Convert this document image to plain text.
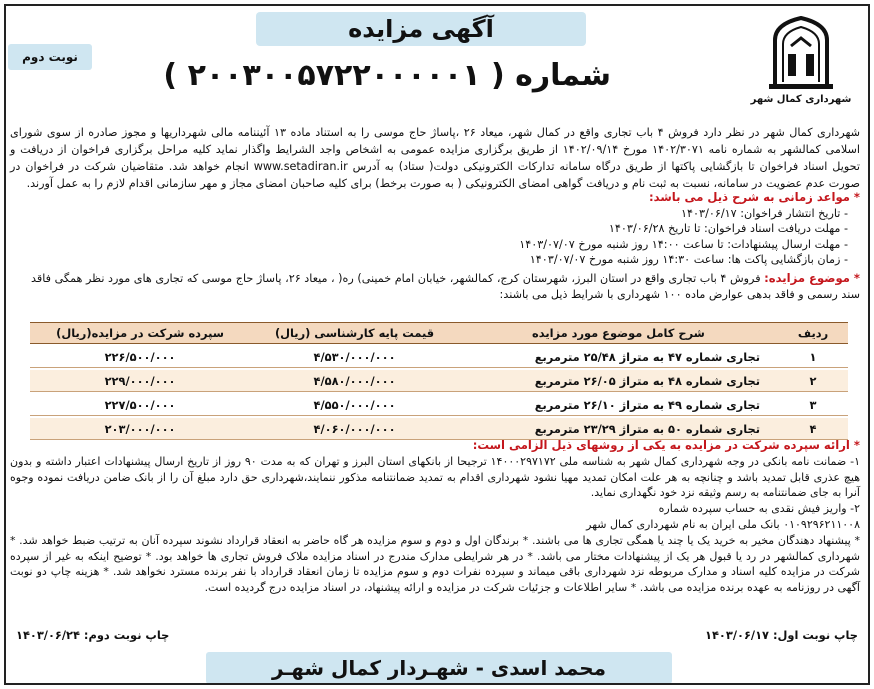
آگهی مزایده
شماره ( ۲۰۰۳۰۰۵۷۲۲۰۰۰۰۰۱ )
نوبت دوم
شهرداری کمال شهر
شهرداری کمال شهر در نظر دارد فروش ۴ باب تجاری واقع در کمال شهر، میعاد ۲۶ ،پاساژ حاج موسی را به استناد ماده ۱۳ آئیننامه مالی شهرداریها و مجوز صادره از سوی شورای اسلامی کمالشهر به شماره نامه ۱۴۰۲/۳۰۷۱ مورخ ۱۴۰۲/۰۹/۱۴ از طریق برگزاری مزایده عمومی به اشخاص واجد الشرایط واگذار نماید کلیه مراحل برگزاری فراخوان از دریافت و تحویل اسناد فراخوان تا بازگشایی پاکتها از طریق درگاه سامانه تدارکات الکترونیکی دولت( ستاد) به آدرس www.setadiran.ir انجام خواهد شد. متقاضیان شرکت در فراخوان در صورت عدم عضویت در سامانه، نسبت به ثبت نام و دریافت گواهی امضای الکترونیکی ( به صورت برخط) برای کلیه صاحبان امضای مجاز و مهر سازمانی اقدام لازم را به عمل آورند.
* مواعد زمانی به شرح ذیل می باشد:
- تاریخ انتشار فراخوان: ۱۴۰۳/۰۶/۱۷
- مهلت دریافت اسناد فراخوان: تا تاریخ ۱۴۰۳/۰۶/۲۸
- مهلت ارسال پیشنهادات: تا ساعت ۱۴:۰۰ روز شنبه مورخ ۱۴۰۳/۰۷/۰۷
- زمان بازگشایی پاکت ها: ساعت ۱۴:۳۰ روز شنبه مورخ ۱۴۰۳/۰۷/۰۷
* موضوع مزایده: فروش ۴ باب تجاری واقع در استان البرز، شهرستان کرج، کمالشهر، خیابان امام خمینی) ره( ، میعاد ۲۶، پاساژ حاج موسی که تجاری های مورد نظر همگی فاقد سند رسمی و فاقد بدهی عوارض ماده ۱۰۰ شهرداری با شرایط ذیل می باشند:
ردیف	شرح کامل موضوع مورد مزایده	قیمت پایه کارشناسی (ریال)	سپرده شرکت در مزایده(ریال)
۱	تجاری شماره ۴۷ به متراژ ۲۵/۴۸ مترمربع	۴/۵۳۰/۰۰۰/۰۰۰	۲۲۶/۵۰۰/۰۰۰
۲	تجاری شماره ۴۸ به متراژ ۲۶/۰۵ مترمربع	۴/۵۸۰/۰۰۰/۰۰۰	۲۲۹/۰۰۰/۰۰۰
۳	تجاری شماره ۴۹ به متراژ ۲۶/۱۰ مترمربع	۴/۵۵۰/۰۰۰/۰۰۰	۲۲۷/۵۰۰/۰۰۰
۴	تجاری شماره ۵۰ به متراژ ۲۳/۲۹ مترمربع	۴/۰۶۰/۰۰۰/۰۰۰	۲۰۳/۰۰۰/۰۰۰
* ارائه سپرده شرکت در مزایده به یکی از روشهای ذیل الزامی است:
۱- ضمانت نامه بانکی در وجه شهرداری کمال شهر به شناسه ملی ۱۴۰۰۰۲۹۷۱۷۲ ترجیحا از بانکهای استان البرز و تهران که به مدت ۹۰ روز از تاریخ ارسال پیشنهادات اعتبار داشته و بدون هیچ عذری قابل تمدید باشد و چنانچه به هر علت امکان تمدید مهیا نشود شهرداری اقدام به تمدید ضمانتنامه مذکور ننمایند،شهرداری حق دارد مبلغ آن را از بانک ضامن دریافت نموده وجوه آنرا به جای ضمانتنامه به رسم وثیقه نزد خود نگهداری نماید.
۲- واریز فیش نقدی به حساب سپرده شماره
۰۱۰۹۲۹۶۲۱۱۰۰۸ بانک ملی ایران به نام شهرداری کمال شهر
* پیشنهاد دهندگان مخیر به خرید یک یا چند یا همگی تجاری ها می باشند. * برندگان اول و دوم و سوم مزایده هر گاه حاضر به انعقاد قرارداد نشوند سپرده آنان به ترتیب ضبط خواهد شد. * شهرداری کمالشهر در رد یا قبول هر یک از پیشنهادات مختار می باشد. * در هر شرایطی مدارک مندرج در اسناد مزایده ملاک فروش تجاری ها خواهد بود. * توضیح اینکه به غیر از سپرده شرکت در مزایده کلیه اسناد و مدارک مربوطه نزد شهرداری باقی میماند و سپرده نفرات دوم و سوم مزایده تا زمان انعقاد قرارداد با نفر برنده مسترد نخواهد شد. * هزینه چاپ دو نوبت آگهی در روزنامه به عهده برنده مزایده می باشد. * سایر اطلاعات و جزئیات شرکت در مزایده و ارائه پیشنهاد، در اسناد مزایده درج گردیده است.
چاپ نوبت اول: ۱۴۰۳/۰۶/۱۷
چاپ نوبت دوم: ۱۴۰۳/۰۶/۲۴
محمد اسدی - شهـردار کمال شهـر
